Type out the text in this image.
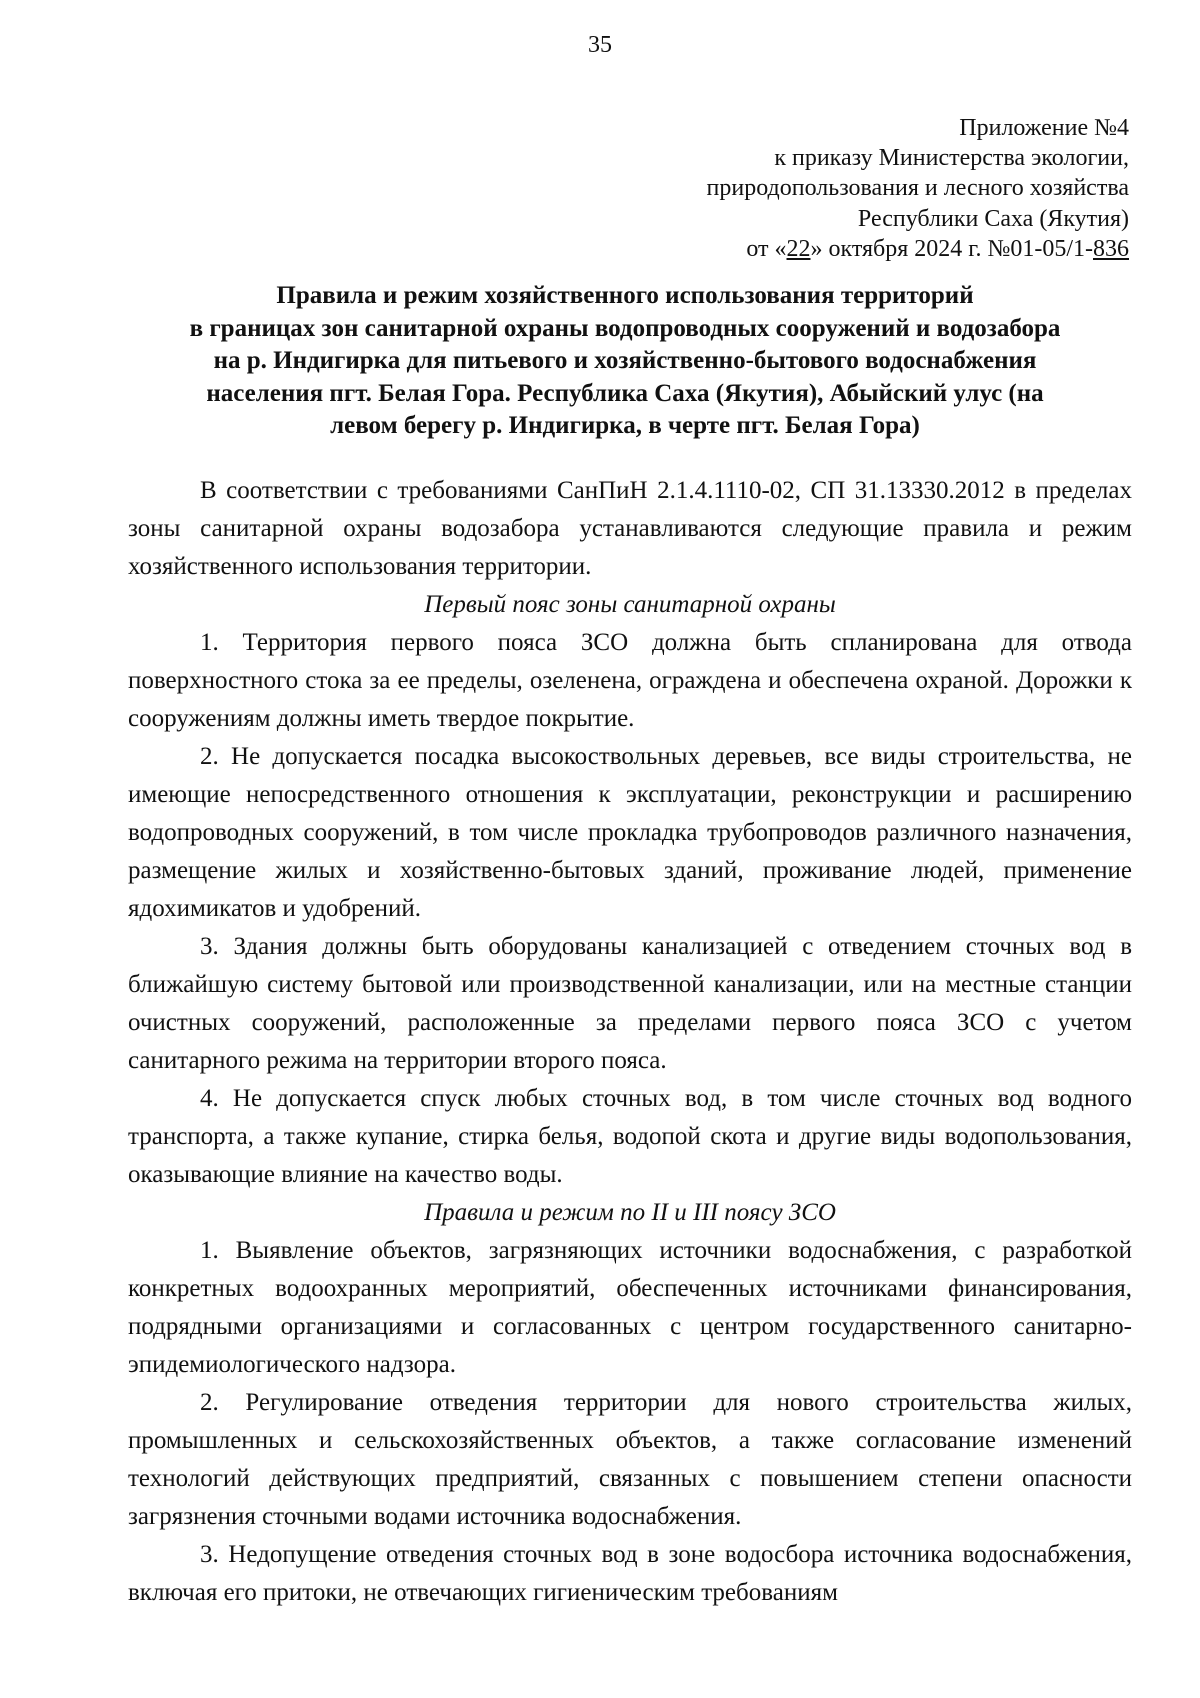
35
Приложение №4
к приказу Министерства экологии,
природопользования и лесного хозяйства
Республики Саха (Якутия)
от «22» октября 2024 г. №01-05/1-836
Правила и режим хозяйственного использования территорий
в границах зон санитарной охраны водопроводных сооружений и водозабора
на р. Индигирка для питьевого и хозяйственно-бытового водоснабжения
населения пгт. Белая Гора. Республика Саха (Якутия), Абыйский улус (на
левом берегу р. Индигирка, в черте пгт. Белая Гора)

В соответствии с требованиями СанПиН 2.1.4.1110-02, СП 31.13330.2012 в пределах зоны санитарной охраны водозабора устанавливаются следующие правила и режим хозяйственного использования территории.

Первый пояс зоны санитарной охраны

1. Территория первого пояса ЗСО должна быть спланирована для отвода поверхностного стока за ее пределы, озеленена, ограждена и обеспечена охраной. Дорожки к сооружениям должны иметь твердое покрытие.

2. Не допускается посадка высокоствольных деревьев, все виды строительства, не имеющие непосредственного отношения к эксплуатации, реконструкции и расширению водопроводных сооружений, в том числе прокладка трубопроводов различного назначения, размещение жилых и хозяйственно-бытовых зданий, проживание людей, применение ядохимикатов и удобрений.

3. Здания должны быть оборудованы канализацией с отведением сточных вод в ближайшую систему бытовой или производственной канализации, или на местные станции очистных сооружений, расположенные за пределами первого пояса ЗСО с учетом санитарного режима на территории второго пояса.

4. Не допускается спуск любых сточных вод, в том числе сточных вод водного транспорта, а также купание, стирка белья, водопой скота и другие виды водопользования, оказывающие влияние на качество воды.

Правила и режим по II и III поясу ЗСО

1. Выявление объектов, загрязняющих источники водоснабжения, с разработкой конкретных водоохранных мероприятий, обеспеченных источниками финансирования, подрядными организациями и согласованных с центром государственного санитарно-эпидемиологического надзора.

2. Регулирование отведения территории для нового строительства жилых, промышленных и сельскохозяйственных объектов, а также согласование изменений технологий действующих предприятий, связанных с повышением степени опасности загрязнения сточными водами источника водоснабжения.

3. Недопущение отведения сточных вод в зоне водосбора источника водоснабжения, включая его притоки, не отвечающих гигиеническим требованиям
